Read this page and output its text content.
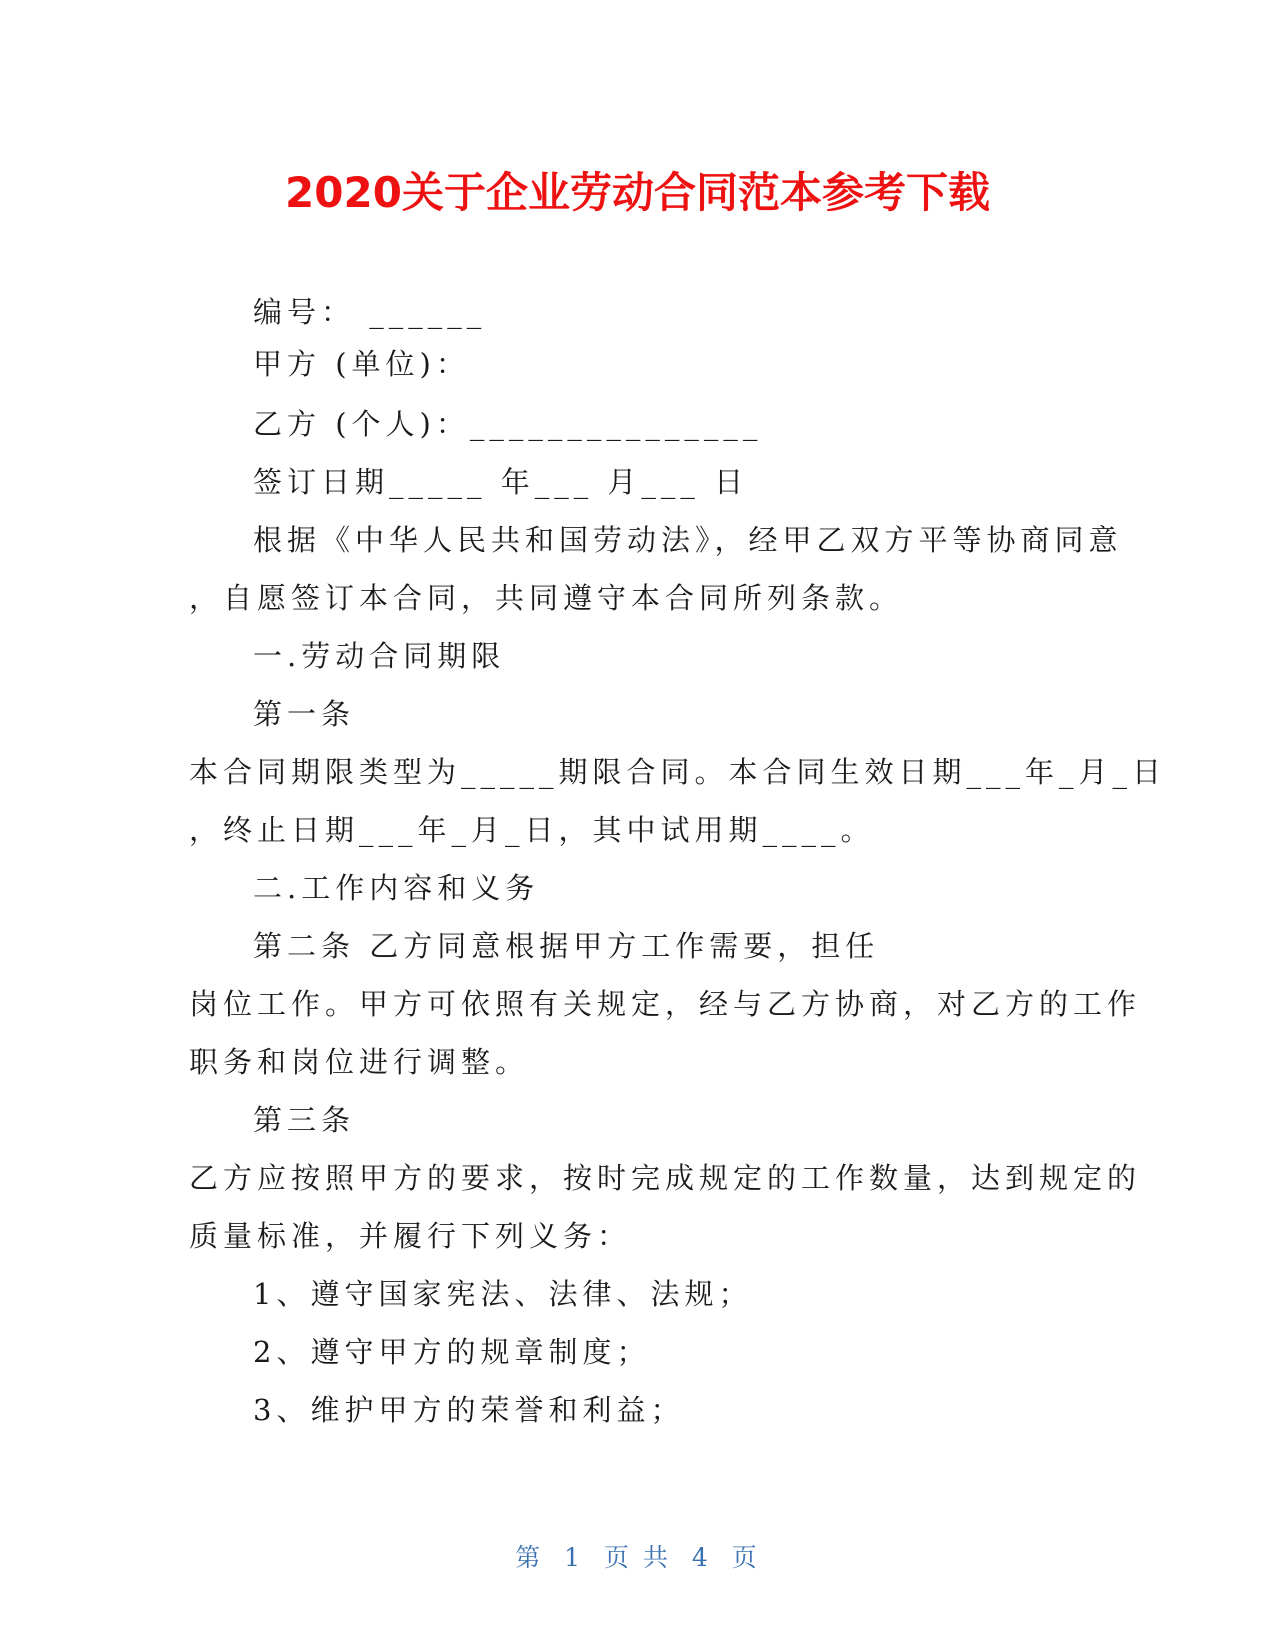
2020关于企业劳动合同范本参考下载
编号： ______
甲方 (单位)：
乙方 (个人)：_______________
签订日期_____ 年___ 月___ 日
根据《中华人民共和国劳动法》，经甲乙双方平等协商同意
，自愿签订本合同，共同遵守本合同所列条款。
一.劳动合同期限
第一条
本合同期限类型为_____期限合同。本合同生效日期___年_月_日
，终止日期___年_月_日，其中试用期____。
二.工作内容和义务
第二条 乙方同意根据甲方工作需要，担任
岗位工作。甲方可依照有关规定，经与乙方协商，对乙方的工作
职务和岗位进行调整。
第三条
乙方应按照甲方的要求，按时完成规定的工作数量，达到规定的
质量标准，并履行下列义务：
1、遵守国家宪法、法律、法规；
2、遵守甲方的规章制度；
3、维护甲方的荣誉和利益；
第 1 页 共 4 页
